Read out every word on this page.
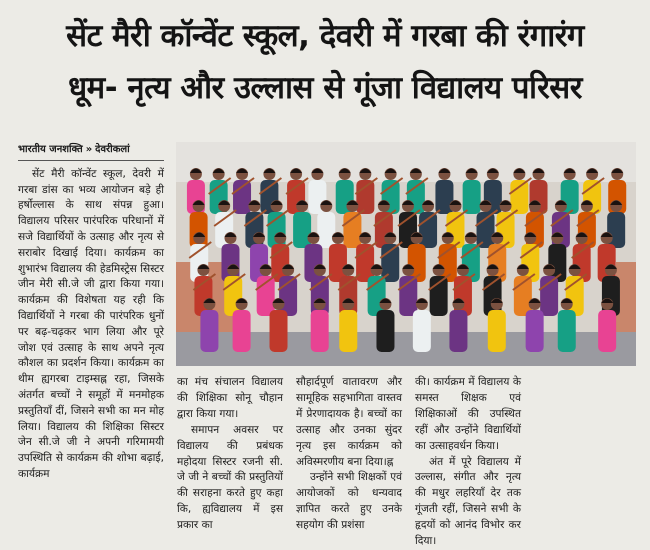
सेंट मैरी कॉन्वेंट स्कूल, देवरी में गरबा की रंगारंग
धूम- नृत्य और उल्लास से गूंजा विद्यालय परिसर
भारतीय जनशक्ति » देवरीकलां
सेंट मैरी कॉन्वेंट स्कूल, देवरी में गरबा डांस का भव्य आयोजन बड़े ही हर्षोल्लास के साथ संपन्न हुआ। विद्यालय परिसर पारंपरिक परिधानों में सजे विद्यार्थियों के उत्साह और नृत्य से सराबोर दिखाई दिया। कार्यक्रम का शुभारंभ विद्यालय की हेडमिस्ट्रेस सिस्टर जीन मेरी सी.जे जी द्वारा किया गया। कार्यक्रम की विशेषता यह रही कि विद्यार्थियों ने गरबा की पारंपरिक धुनों पर बढ़-चढ़कर भाग लिया और पूरे जोश एवं उत्साह के साथ अपने नृत्य कौशल का प्रदर्शन किया। कार्यक्रम का थीम ह्यगरबा टाइम्सह्न रहा, जिसके अंतर्गत बच्चों ने समूहों में मनमोहक प्रस्तुतियाँ दीं, जिसने सभी का मन मोह लिया। विद्यालय की शिक्षिका सिस्टर जेन सी.जे जी ने अपनी गरिमामयी उपस्थिति से कार्यक्रम की शोभा बढ़ाई, कार्यक्रम
का मंच संचालन विद्यालय की शिक्षिका सोनू चौहान द्वारा किया गया।
समापन अवसर पर विद्यालय की प्रबंधक महोदया सिस्टर रजनी सी. जे जी ने बच्चों की प्रस्तुतियों की सराहना करते हुए कहा कि, ह्यविद्यालय में इस प्रकार का
सौहार्दपूर्ण वातावरण और सामूहिक सहभागिता वास्तव में प्रेरणादायक है। बच्चों का उत्साह और उनका सुंदर नृत्य इस कार्यक्रम को अविस्मरणीय बना दिया।ह्न
उन्होंने सभी शिक्षकों एवं आयोजकों को धन्यवाद ज्ञापित करते हुए उनके सहयोग की प्रशंसा
की। कार्यक्रम में विद्यालय के समस्त शिक्षक एवं शिक्षिकाओं की उपस्थित रहीं और उन्होंने विद्यार्थियों का उत्साहवर्धन किया।
अंत में पूरे विद्यालय में उल्लास, संगीत और नृत्य की मधुर लहरियाँ देर तक गूंजती रहीं, जिसने सभी के हृदयों को आनंद विभोर कर दिया।
